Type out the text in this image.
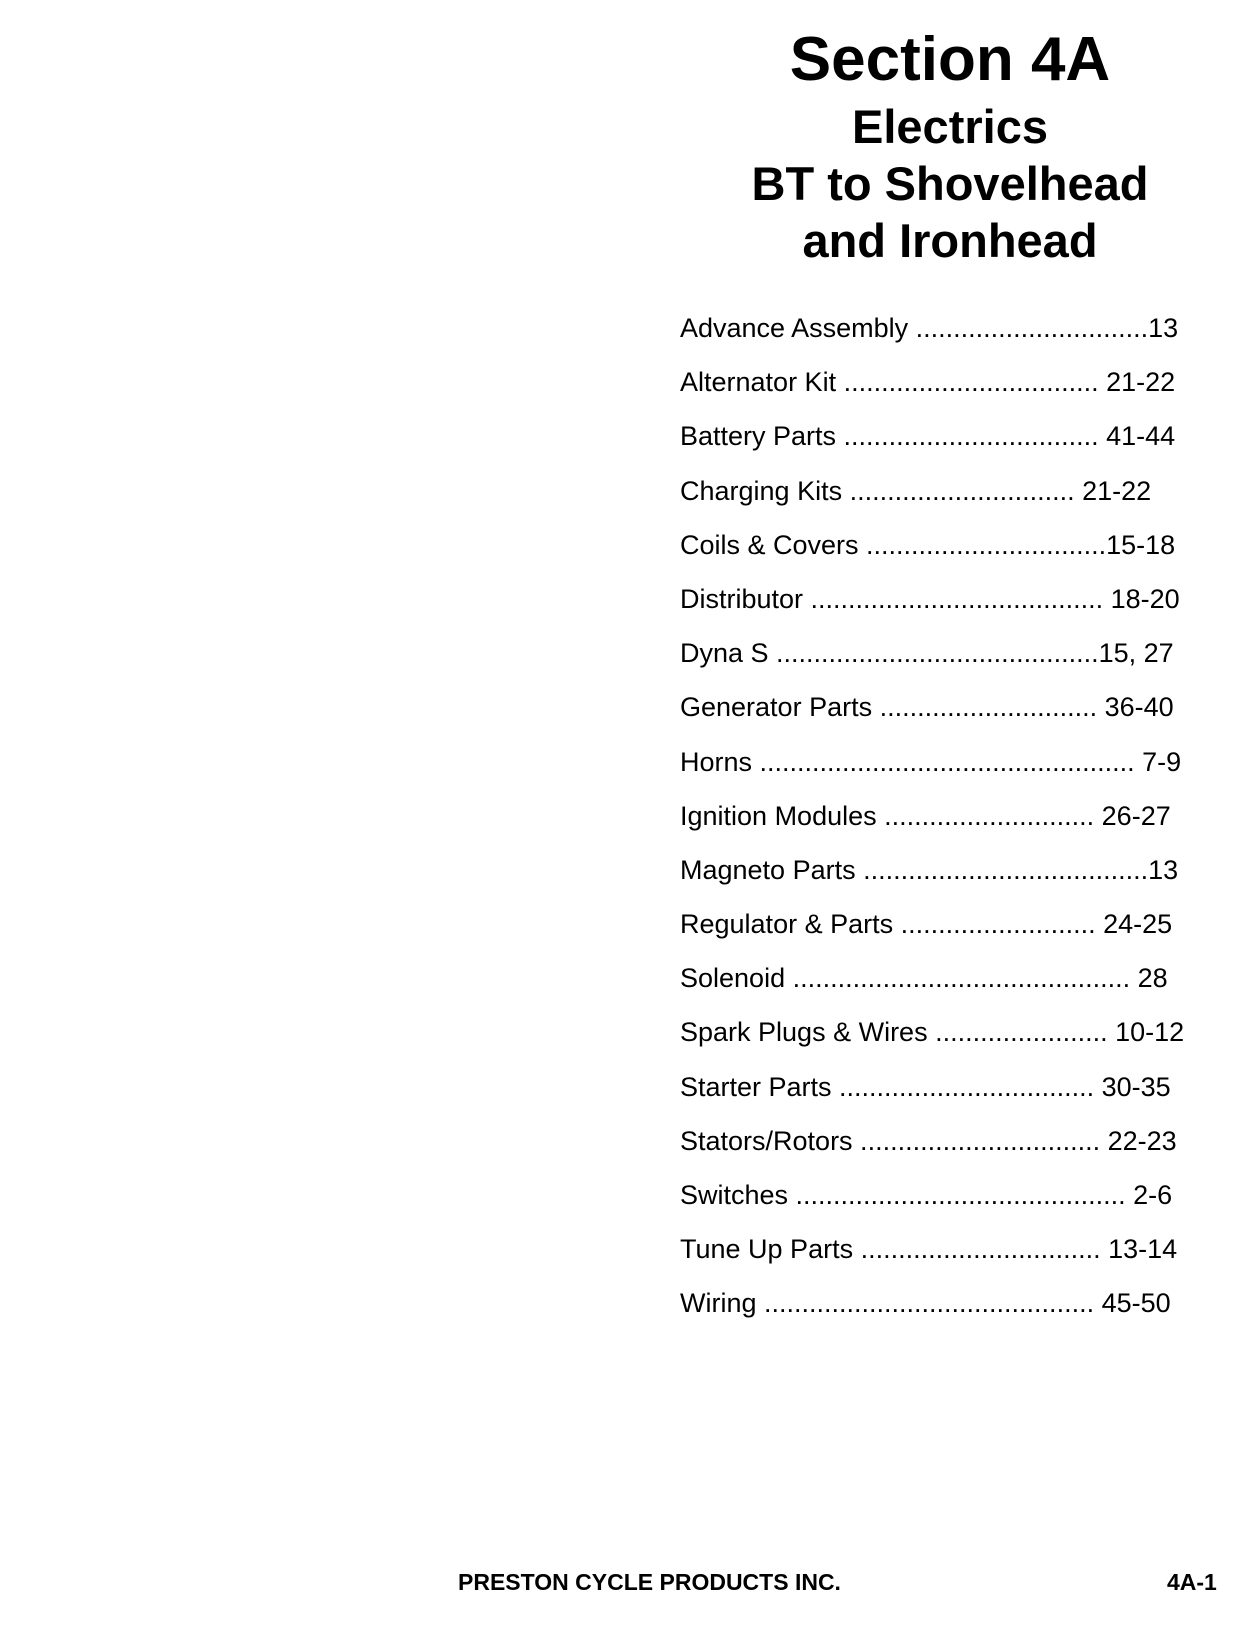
Section 4A
Electrics
BT to Shovelhead
and Ironhead
Advance Assembly ...............................13
Alternator Kit .................................. 21-22
Battery Parts .................................. 41-44
Charging Kits .............................. 21-22
Coils & Covers ................................15-18
Distributor ....................................... 18-20
Dyna S ...........................................15, 27
Generator Parts ............................. 36-40
Horns .................................................. 7-9
Ignition Modules ............................ 26-27
Magneto Parts ......................................13
Regulator & Parts .......................... 24-25
Solenoid ............................................. 28
Spark Plugs & Wires ....................... 10-12
Starter Parts .................................. 30-35
Stators/Rotors ................................ 22-23
Switches ............................................ 2-6
Tune Up Parts ................................ 13-14
Wiring ............................................ 45-50
PRESTON CYCLE PRODUCTS INC.	4A-1
